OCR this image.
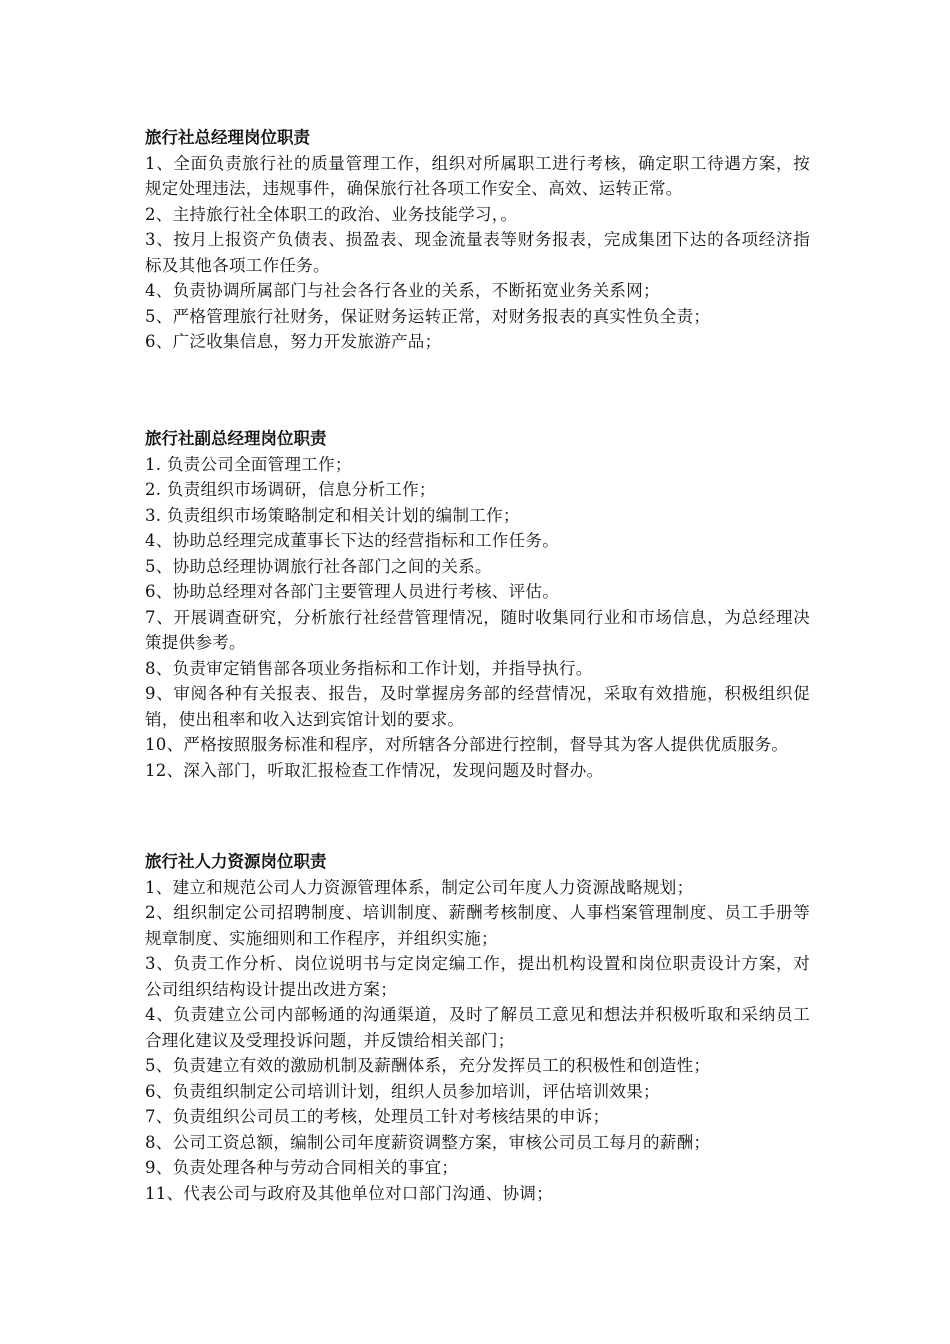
旅行社总经理岗位职责

1、全面负责旅行社的质量管理工作，组织对所属职工进行考核，确定职工待遇方案，按规定处理违法，违规事件，确保旅行社各项工作安全、高效、运转正常。

2、主持旅行社全体职工的政治、业务技能学习，。

3、按月上报资产负债表、损盈表、现金流量表等财务报表，完成集团下达的各项经济指标及其他各项工作任务。

4、负责协调所属部门与社会各行各业的关系，不断拓宽业务关系网；

5、严格管理旅行社财务，保证财务运转正常，对财务报表的真实性负全责；

6、广泛收集信息，努力开发旅游产品；

旅行社副总经理岗位职责

1. 负责公司全面管理工作；

2. 负责组织市场调研，信息分析工作；

3. 负责组织市场策略制定和相关计划的编制工作；

4、协助总经理完成董事长下达的经营指标和工作任务。

5、协助总经理协调旅行社各部门之间的关系。

6、协助总经理对各部门主要管理人员进行考核、评估。

7、开展调查研究，分析旅行社经营管理情况，随时收集同行业和市场信息，为总经理决策提供参考。

8、负责审定销售部各项业务指标和工作计划，并指导执行。

9、审阅各种有关报表、报告，及时掌握房务部的经营情况，采取有效措施，积极组织促销，使出租率和收入达到宾馆计划的要求。

10、严格按照服务标准和程序，对所辖各分部进行控制，督导其为客人提供优质服务。

12、深入部门，听取汇报检查工作情况，发现问题及时督办。

旅行社人力资源岗位职责

1、建立和规范公司人力资源管理体系，制定公司年度人力资源战略规划；

2、组织制定公司招聘制度、培训制度、薪酬考核制度、人事档案管理制度、员工手册等规章制度、实施细则和工作程序，并组织实施；

3、负责工作分析、岗位说明书与定岗定编工作，提出机构设置和岗位职责设计方案，对公司组织结构设计提出改进方案；

4、负责建立公司内部畅通的沟通渠道，及时了解员工意见和想法并积极听取和采纳员工合理化建议及受理投诉问题，并反馈给相关部门；

5、负责建立有效的激励机制及薪酬体系，充分发挥员工的积极性和创造性；

6、负责组织制定公司培训计划，组织人员参加培训，评估培训效果；

7、负责组织公司员工的考核，处理员工针对考核结果的申诉；

8、公司工资总额，编制公司年度薪资调整方案，审核公司员工每月的薪酬；

9、负责处理各种与劳动合同相关的事宜；

11、代表公司与政府及其他单位对口部门沟通、协调；
